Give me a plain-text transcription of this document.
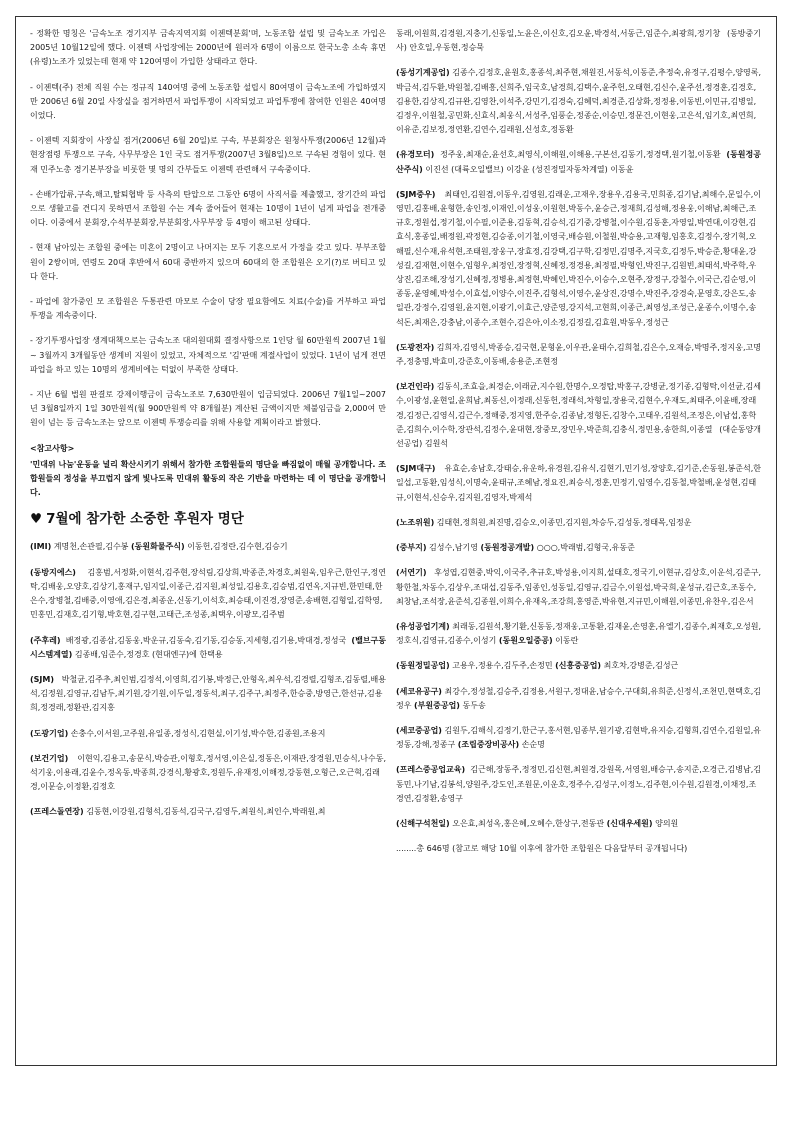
- 정확한 명칭은 '금속노조 경기지부 금속지역지회 이젠텍분회'며, 노동조합 설립 및 금속노조 가입은 2005년 10월12일에 했다. 이젠텍 사업장에는 2000년에 원러자 6명이 이름으로 한국노총 소속 휴먼(유령)노조가 있었는데 현재 약 120여명이 가입한 상태라고 한다.
- 이젠텍(주) 전체 직원 수는 정규직 140여명 중에 노동조합 설립시 80여명이 금속노조에 가입하였지만 2006년 6월 20일 사장실을 점거하면서 파업투쟁이 시작되었고 파업투쟁에 참여한 인원은 40여명이었다.
- 이젠텍 지회장이 사장실 점거(2006년 6월 20일)로 구속, 부분회장은 원청사투쟁(2006년 12월)과 현장점령 투쟁으로 구속, 사무부장은 1인 국도 점거투쟁(2007년 3월8일)으로 구속된 경험이 있다. 현재 민주노총 경기본부장을 비롯한 몇 명의 간부들도 이젠텍 관련해서 구속중이다.
- 손배가압류,구속,해고,탈퇴협박 등 사측의 탄압으로 그동안 6명이 사직서를 제출했고, 장기간의 파업으로 생활고를 견디지 못하면서 조합원 수는 계속 줄어들어 현재는 10명이 1년이 넘게 파업을 전개중이다. 이중에서 분회장,수석부분회장,부분회장,사무부장 등 4명이 해고된 상태다.
- 현재 남아있는 조합원 중에는 미혼이 2명이고 나머지는 모두 기혼으로서 가정을 갖고 있다. 부부조합원이 2쌍이며, 연령도 20대 후반에서 60대 중반까지 있으며 60대의 한 조합원은 오기(?)로 버티고 있다 한다.
- 파업에 참가중인 모 조합원은 두통관련 마모로 수술이 당장 필요함에도 치료(수술)를 거부하고 파업투쟁을 계속중이다.
- 장기투쟁사업장 생계대책으로는 금속노조 대의원대회 결정사항으로 1인당 월 60만원씩 2007년 1월~ 3월까지 3개월동안 생계비 지원이 있었고, 자체적으로 '김'판매 계절사업이 있었다. 1년이 넘게 전면파업을 하고 있는 10명의 생계비에는 턱없이 부족한 상태다.
- 지난 6월 법원 판결로 강제이행금이 금속노조로 7,630만원이 입금되었다. 2006년 7월1일~2007년 3월8일까지 1일 30만원씩(월 900만원씩 약 8개월분) 계산된 금액이지만 체불임금을 2,000여 만원이 넘는 등 금속노조는 앞으로 이젠텍 투쟁승리를 위해 사용할 계획이라고 밝혔다.
<참고사항>
'민대위 나눔'운동을 널리 확산시키기 위해서 참가한 조합원들의 명단을 빠짐없이 매월 공개합니다. 조합원들의 정성을 부끄럽지 않게 빛나도록 민대위 활동의 작은 기반을 마련하는 데 이 명단을 공개합니다.
♥ 7월에 참가한 소중한 후원자 명단
(IMI) 계명천,손관필,김수봉 (동원화물주식) 이동헌,김정란,김수현,김승기
(동방지에스) 김홍범,서정화,이현석,김주현,장석림,김상희,박종준,차경호,최원욱,임우근,한인구,정연탁,김배웅,오양호,김상기,홍재구,임지일,이종근,김지원,최성일,김용호,김승범,김연옥,지규빈,한민태,한은수,장병철,김배중,이영애,김은경,최종운,신동기,이석호,최승태,이진경,장영준,송배현,김형일,김학영,민홍민,김재호,김기형,박호현,김구현,고태근,조성종,최택우,이광모,김주범
(주후레) 배정광,김종삼,김동웅,박운규,김동숙,김기동,김승동,지세형,김기용,박대경,정성국 (밸브구동시스템계열) 김종배,임준수,정경호 (현대엔구)에 한택용
(SJM) 박철균,김주추,최인범,김정석,이영희,김기봉,박정근,안형옥,최우석,김경렬,김형조,김동렬,배용석,김정원,김영규,김남두,최기원,강기원,이두일,정동석,최구,김주구,최정주,한승중,방영근,한선규,김용희,정경래,정환관,김지홍
(도광기업) 손충수,이서원,고주원,유일종,정성식,김현실,이기성,박수한,김종원,조용지
(보건기업) 이현익,김용고,송문식,박승관,이형호,정서영,이은실,정동은,이재관,장경원,민승식,나수동,석기웅,이용래,김윤수,정옥동,박종희,강경식,황광호,정원두,유재정,이해정,강동현,오형근,오근혁,김래경,이문승,이정환,김정호
(프레스돌연장) 김동현,이강원,김형석,김동석,김국구,김영두,최원식,최인수,박래원,최
동래,이원희,김경원,지충기,신동일,노윤은,이신호,김오윤,박경석,서동근,임준수,최광희,정기창 (동방중기사) 안호일,우동현,정승묵
(동성기계공업) 김종수,김정호,윤원호,홍종석,최주현,채원진,서동석,이동준,추정숙,유정구,김평수,양영록,박금석,김두환,박원철,김배흥,신희주,임국호,남경희,김택수,윤주헌,오태현,김신수,윤주선,정경훈,김경호,김용한,김상직,김규완,김영찬,이석주,강민기,김경숙,김혜덕,최경준,김상화,정정용,이동빈,이민규,김병일,김정우,이원철,공민화,신효식,최웅식,서성주,임풍순,정종순,이승민,정문건,이현웅,고은석,임기호,최연희,이유준,김보정,정연환,김연수,김래원,신성호,정동환
(유경모터) 정주웅,최재순,윤선호,최영식,이해원,이해용,구본선,김동기,정경택,원기철,이동환 (동원정공산주식) 이진선 (대륙오일밸브) 이강윤 (성진정밀자동차계열) 이동윤
(SJM중우) 최태인,김원겸,이동우,김영원,김래운,고재우,장용우,김용국,민희종,김기남,최해수,문일수,이영민,김홍배,윤형한,송인정,이재인,이성웅,이원현,박동수,윤승근,정재희,김성해,정용웅,이해남,최해근,조규호,정원섭,정기철,이수필,이준용,김동혁,김승석,김기중,강병철,이수원,김동훈,자영일,박연대,이강현,김효식,홍종일,배정원,곽정현,김승종,이기철,이영국,배승원,이철원,박승용,고재형,임홍호,김정수,장기혁,오해필,신수재,유석현,조태원,장웅구,장효정,김강택,김구학,김정민,김명주,지국호,김정두,박승준,황대윤,강성길,김재현,이현수,임형우,최정인,장정혁,신혜정,정경용,최정필,박형인,박진구,김원빈,최태석,박주학,우상진,김조해,장성기,신혜정,정병용,최정현,박혜인,박진수,이승수,오현주,장정구,강철수,이국근,김순영,이종동,윤영혜,박성수,이효섭,이양수,이진주,김형석,이영수,윤상진,강명수,박진주,강경숙,문영호,강은도,송일관,강정수,김영원,윤지현,이광기,이효근,양준영,강지석,고현희,이종근,최영성,조성근,윤종수,이명수,송석돈,최재은,강충남,이종수,조현수,김은아,이소정,김정길,김효원,박동우,정성근
(도광전자) 김희자,김영식,박종승,김국현,문형윤,이우관,윤태수,김희철,김은수,오재승,박명주,정지웅,고명주,정충명,박효미,강준호,이동배,송용준,조현정
(보건인라) 김동식,조효을,최경순,이래균,지수원,한명수,오정탑,박홍구,강병균,정기종,김형탁,이선균,김세수,이광성,윤현일,윤희남,최동신,이정래,신동헌,정래석,차형일,장용국,김현수,우재도,최태주,이윤배,장래경,김정근,김영식,김근수,정해중,정지영,한주승,김종남,정형돈,김창수,고태우,김원석,조정은,이남섭,홍학준,김희수,이수학,장관석,김정수,윤대현,장중모,장민우,박준희,김충식,정민용,송한희,이종열 (대순동양개선공업) 김원석
(SJM대구) 유효순,송남호,강태승,유운하,유경원,김유식,김현기,민기성,장양호,김기준,손동원,봉준석,한일섭,고동환,임성식,이명숙,윤태규,조혜남,정요진,최승식,정훈,민정기,임영수,김동철,박철배,윤성현,김태규,이현석,신승우,김지원,김영자,박제석
(노조위원) 김태현,정희원,최진명,김승오,이종민,김지원,차승두,김성동,정태목,임정운
(중부지) 김성수,남기영 (동원정공개발) ○○○,박래범,김형국,유동준
(서연기) 후성엽,김현중,박익,이국주,추규호,박성용,이지희,설태호,정국기,이현규,김상호,이운석,김준구,황한철,차동수,김상우,조대섭,김동주,임종인,성동일,김영규,김금수,이원섭,박국희,윤성규,김근호,조동수,최창남,조석장,윤준석,김종원,이희수,유재옥,조강희,홍영준,박유현,지규민,이해원,이종민,유찬우,김은서
(유성공업기계) 최래동,김원석,황기환,신동동,정재웅,고통환,김재윤,손영훈,유엘기,김종수,최재호,오성원,정호식,김영규,김종수,이성기 (동원오일중공) 이동란
(동원정밀공업) 고용우,정용수,김두주,손정민 (신흥중공업) 최호차,강병준,김성근
(세코유공구) 최강수,정성철,김승주,김정용,서원구,정대윤,남승수,구대회,유희준,신정식,조천민,현택호,김정우 (부원중공업) 동두송
(세코중공업) 김원두,김해식,김정기,한근구,홍서현,임종부,원기광,김현박,유지승,김형희,김연수,김원일,유정동,강해,정종구 (조립중장비공사) 손순명
(프레스중공업교육) 김근해,장동주,정정민,김신현,최원경,강원목,서영원,배승구,송지준,오경근,김병남,김동민,나기남,김봉석,양원주,강도인,조원문,이운호,정주수,김성구,이정노,김주현,이수원,김원경,이채정,조경연,김정환,송영구
(신해구석천일) 오은효,최성옥,홍은혜,오혜수,한상구,전동관 (신대우세원) 양의원
........총 646명 (참고로 해당 10월 이후에 참가한 조합원은 다음달부터 공개됩니다)
